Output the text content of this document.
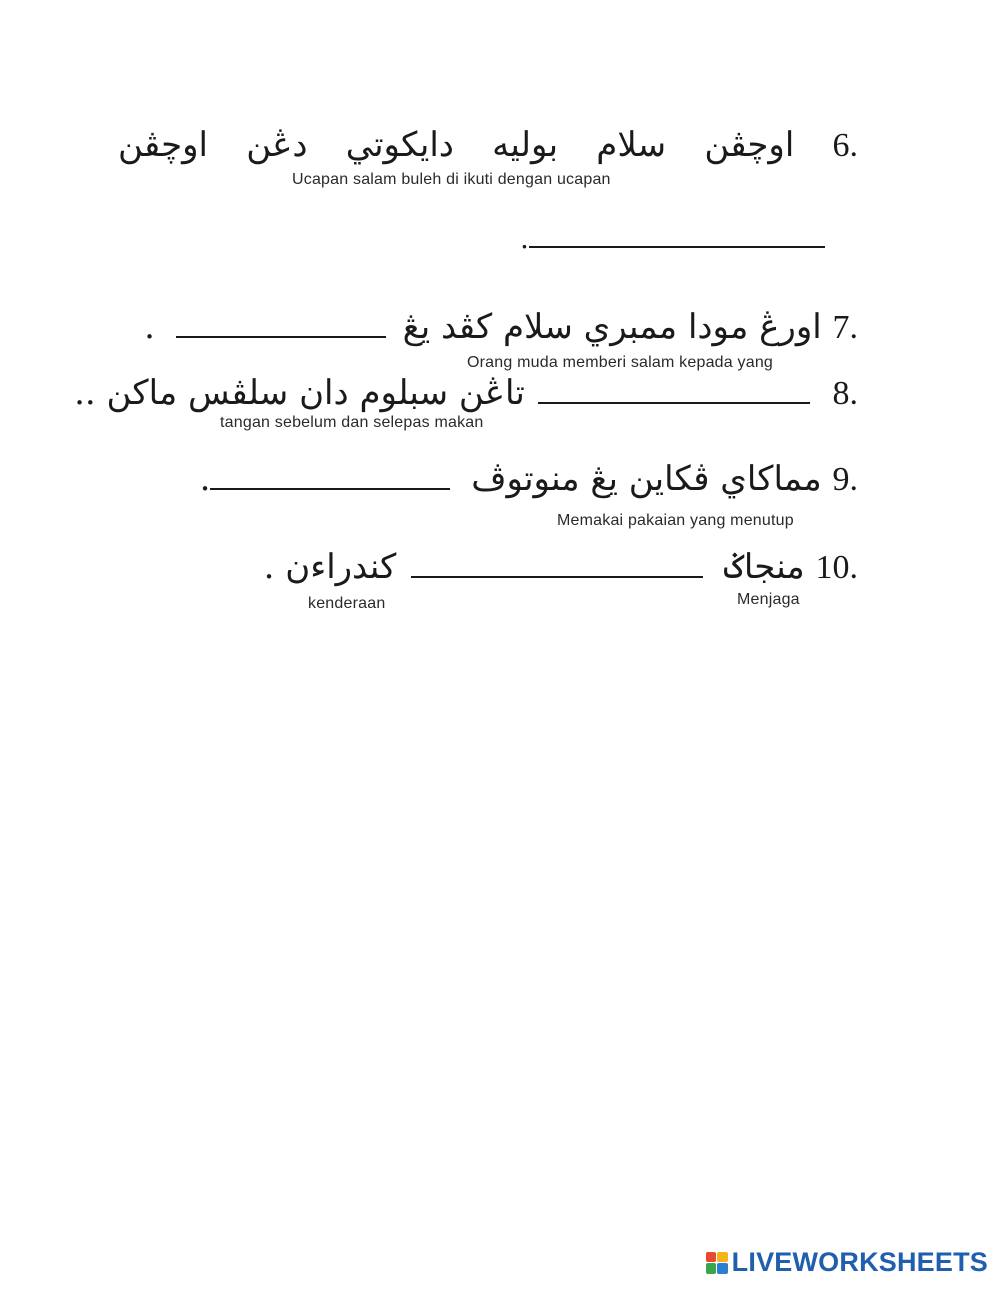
6.
اوچڤن
سلام
بوليه
دايكوتي
دڠن
اوچڤن
Ucapan salam buleh di ikuti dengan ucapan
.
.	اورڠ مودا ممبري سلام کڤد يڠ 7.
Orang muda memberi salam kepada yang
.. تاڠن سبلوم دان سلڤس ماکن	8.
tangan sebelum dan selepas makan
.	مماکاي ڤکاين يڠ منوتوڤ 9.
Memakai pakaian yang menutup
. کندراءن	منجاݢ 10.
kenderaan	Menjaga
LIVEWORKSHEETS
